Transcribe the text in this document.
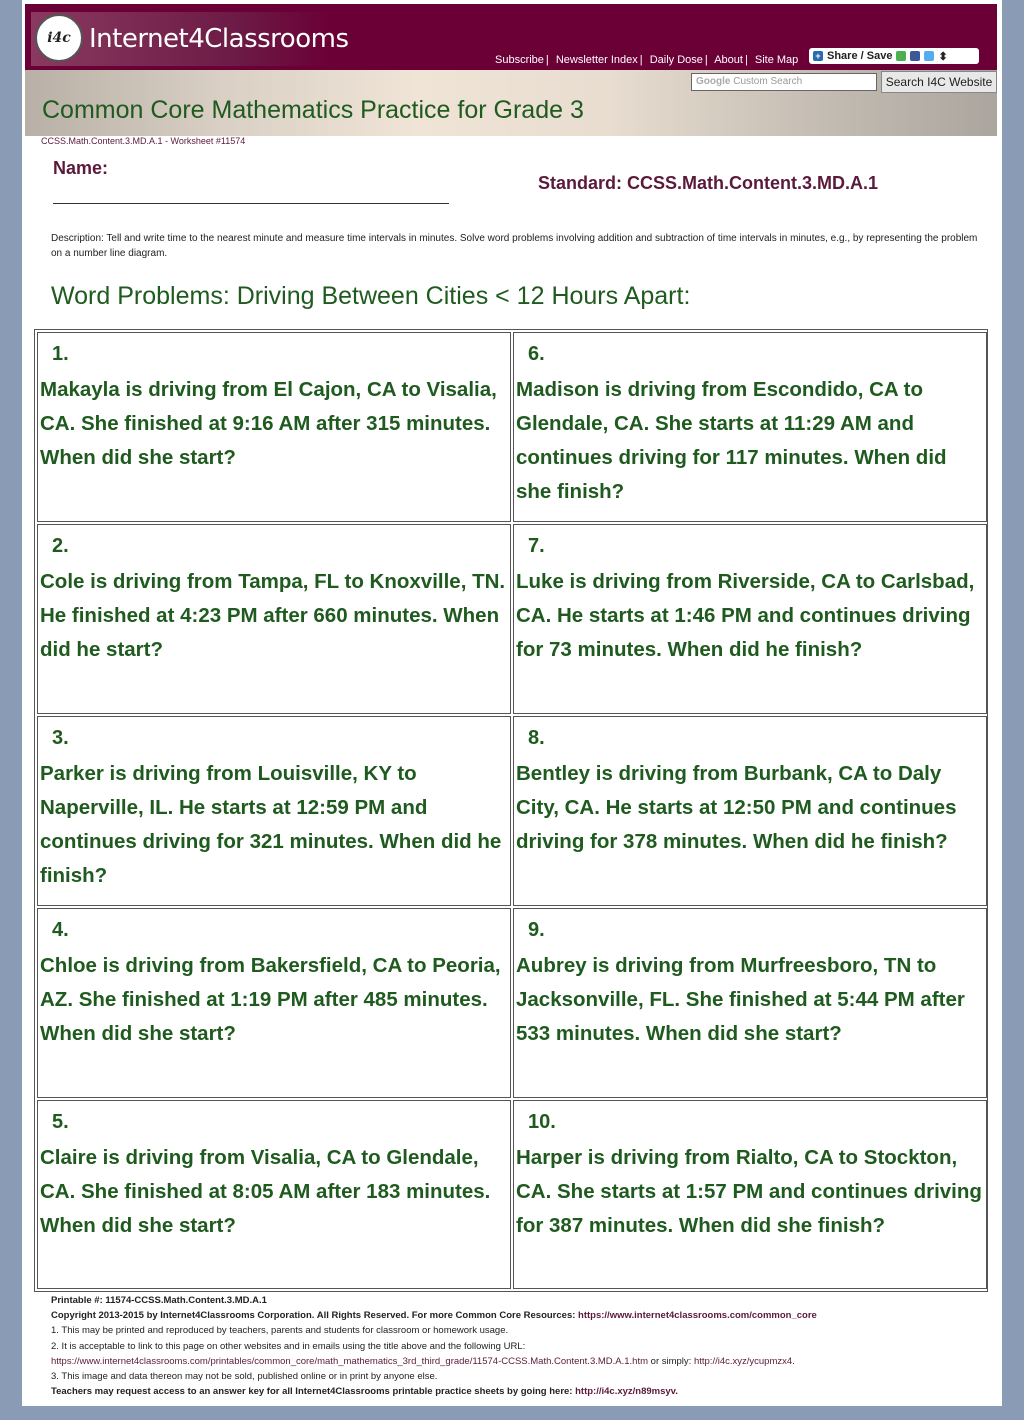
i4c Internet4Classrooms
Subscribe | Newsletter Index | Daily Dose | About | Site Map + Share / Save	⬍
Google Custom Search	Search I4C Website
Common Core Mathematics Practice for Grade 3
CCSS.Math.Content.3.MD.A.1 - Worksheet #11574
Name:
Standard: CCSS.Math.Content.3.MD.A.1
Description: Tell and write time to the nearest minute and measure time intervals in minutes. Solve word problems involving addition and subtraction of time intervals in minutes, e.g., by representing the problem on a number line diagram.
Word Problems: Driving Between Cities < 12 Hours Apart:
1.
Makayla is driving from El Cajon, CA to Visalia, CA. She finished at 9:16 AM after 315 minutes. When did she start?
6.
Madison is driving from Escondido, CA to Glendale, CA. She starts at 11:29 AM and continues driving for 117 minutes. When did she finish?
2.
Cole is driving from Tampa, FL to Knoxville, TN. He finished at 4:23 PM after 660 minutes. When did he start?
7.
Luke is driving from Riverside, CA to Carlsbad, CA. He starts at 1:46 PM and continues driving for 73 minutes. When did he finish?
3.
Parker is driving from Louisville, KY to Naperville, IL. He starts at 12:59 PM and continues driving for 321 minutes. When did he finish?
8.
Bentley is driving from Burbank, CA to Daly City, CA. He starts at 12:50 PM and continues driving for 378 minutes. When did he finish?
4.
Chloe is driving from Bakersfield, CA to Peoria, AZ. She finished at 1:19 PM after 485 minutes. When did she start?
9.
Aubrey is driving from Murfreesboro, TN to Jacksonville, FL. She finished at 5:44 PM after 533 minutes. When did she start?
5.
Claire is driving from Visalia, CA to Glendale, CA. She finished at 8:05 AM after 183 minutes. When did she start?
10.
Harper is driving from Rialto, CA to Stockton, CA. She starts at 1:57 PM and continues driving for 387 minutes. When did she finish?
Printable #: 11574-CCSS.Math.Content.3.MD.A.1
Copyright 2013-2015 by Internet4Classrooms Corporation. All Rights Reserved. For more Common Core Resources: https://www.internet4classrooms.com/common_core
1. This may be printed and reproduced by teachers, parents and students for classroom or homework usage.
2. It is acceptable to link to this page on other websites and in emails using the title above and the following URL:
https://www.internet4classrooms.com/printables/common_core/math_mathematics_3rd_third_grade/11574-CCSS.Math.Content.3.MD.A.1.htm or simply: http://i4c.xyz/ycupmzx4.
3. This image and data thereon may not be sold, published online or in print by anyone else.
Teachers may request access to an answer key for all Internet4Classrooms printable practice sheets by going here: http://i4c.xyz/n89msyv.
